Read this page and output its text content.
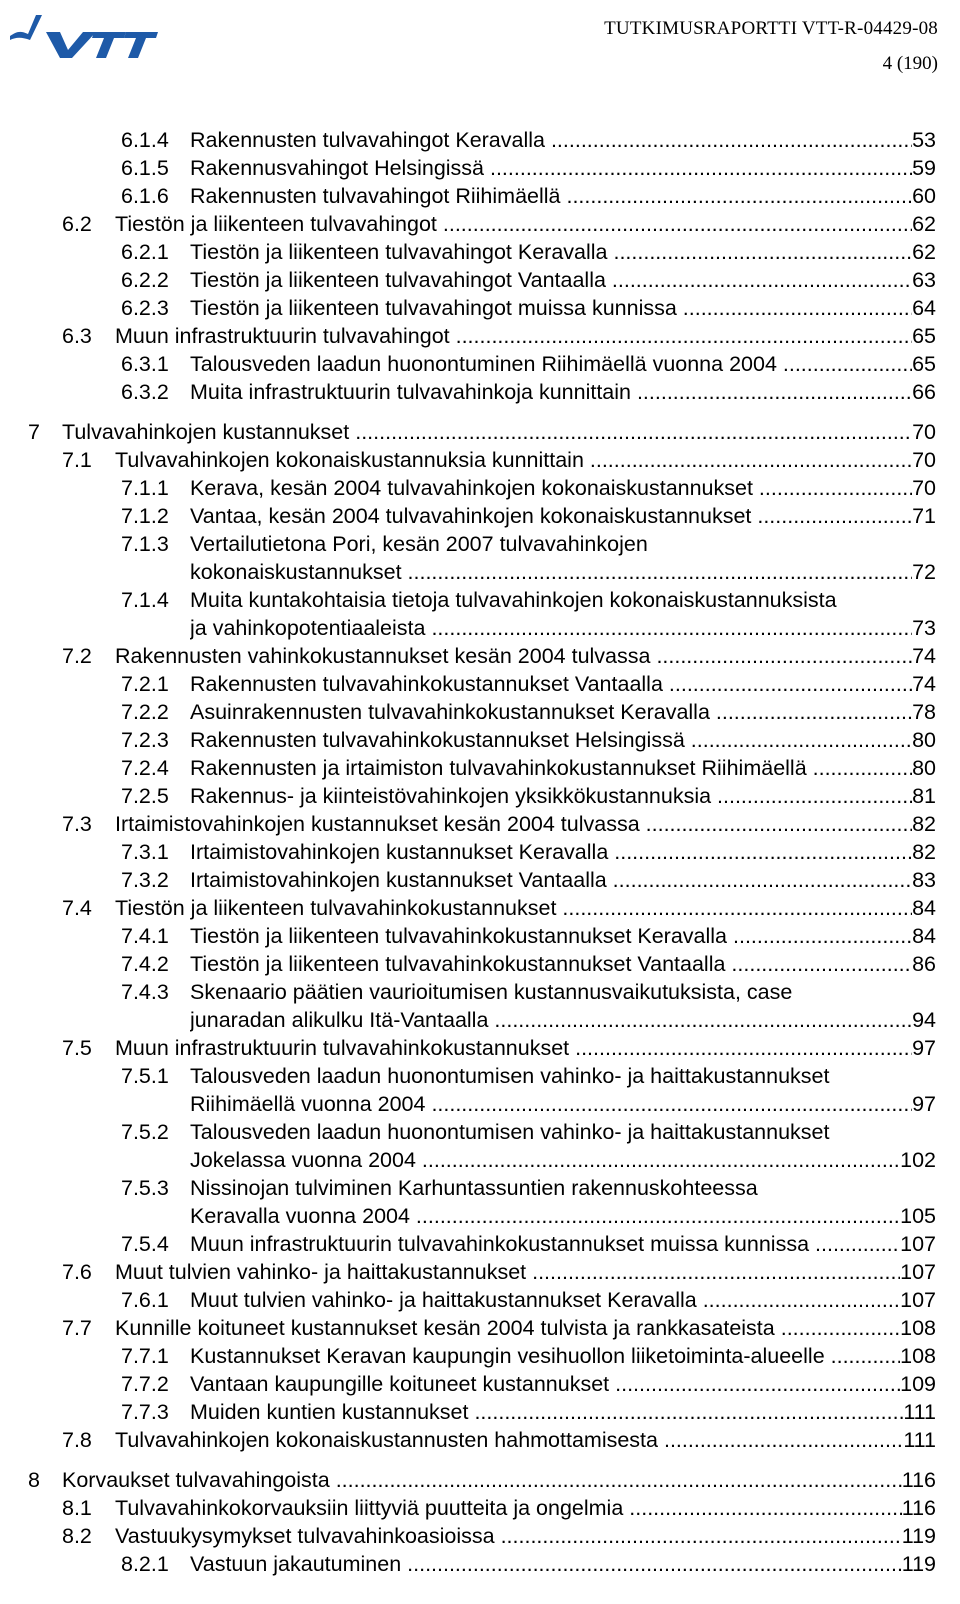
TUTKIMUSRAPORTTI VTT-R-04429-08
4 (190)
6.1.4 Rakennusten tulvavahingot Keravalla .....	53
6.1.5 Rakennusvahingot Helsingissä .....	59
6.1.6 Rakennusten tulvavahingot Riihimäellä .....	60
6.2 Tiestön ja liikenteen tulvavahingot .....	62
6.2.1 Tiestön ja liikenteen tulvavahingot Keravalla .....	62
6.2.2 Tiestön ja liikenteen tulvavahingot Vantaalla .....	63
6.2.3 Tiestön ja liikenteen tulvavahingot muissa kunnissa .....	64
6.3 Muun infrastruktuurin tulvavahingot .....	65
6.3.1 Talousveden laadun huonontuminen Riihimäellä vuonna 2004 .....	65
6.3.2 Muita infrastruktuurin tulvavahinkoja kunnittain .....	66
7 Tulvavahinkojen kustannukset .....	70
7.1 Tulvavahinkojen kokonaiskustannuksia kunnittain .....	70
7.1.1 Kerava, kesän 2004 tulvavahinkojen kokonaiskustannukset .....	70
7.1.2 Vantaa, kesän 2004 tulvavahinkojen kokonaiskustannukset .....	71
7.1.3 Vertailutietona Pori, kesän 2007 tulvavahinkojen
kokonaiskustannukset .....	72
7.1.4 Muita kuntakohtaisia tietoja tulvavahinkojen kokonaiskustannuksista
ja vahinkopotentiaaleista .....	73
7.2 Rakennusten vahinkokustannukset kesän 2004 tulvassa .....	74
7.2.1 Rakennusten tulvavahinkokustannukset Vantaalla .....	74
7.2.2 Asuinrakennusten tulvavahinkokustannukset Keravalla .....	78
7.2.3 Rakennusten tulvavahinkokustannukset Helsingissä .....	80
7.2.4 Rakennusten ja irtaimiston tulvavahinkokustannukset Riihimäellä .....	80
7.2.5 Rakennus- ja kiinteistövahinkojen yksikkökustannuksia .....	81
7.3 Irtaimistovahinkojen kustannukset kesän 2004 tulvassa .....	82
7.3.1 Irtaimistovahinkojen kustannukset Keravalla .....	82
7.3.2 Irtaimistovahinkojen kustannukset Vantaalla .....	83
7.4 Tiestön ja liikenteen tulvavahinkokustannukset .....	84
7.4.1 Tiestön ja liikenteen tulvavahinkokustannukset Keravalla .....	84
7.4.2 Tiestön ja liikenteen tulvavahinkokustannukset Vantaalla .....	86
7.4.3 Skenaario päätien vaurioitumisen kustannusvaikutuksista, case
junaradan alikulku Itä-Vantaalla .....	94
7.5 Muun infrastruktuurin tulvavahinkokustannukset .....	97
7.5.1 Talousveden laadun huonontumisen vahinko- ja haittakustannukset
Riihimäellä vuonna 2004 .....	97
7.5.2 Talousveden laadun huonontumisen vahinko- ja haittakustannukset
Jokelassa vuonna 2004 .....	102
7.5.3 Nissinojan tulviminen Karhuntassuntien rakennuskohteessa
Keravalla vuonna 2004 .....	105
7.5.4 Muun infrastruktuurin tulvavahinkokustannukset muissa kunnissa .....	107
7.6 Muut tulvien vahinko- ja haittakustannukset .....	107
7.6.1 Muut tulvien vahinko- ja haittakustannukset Keravalla .....	107
7.7 Kunnille koituneet kustannukset kesän 2004 tulvista ja rankkasateista .....	108
7.7.1 Kustannukset Keravan kaupungin vesihuollon liiketoiminta-alueelle .....	108
7.7.2 Vantaan kaupungille koituneet kustannukset .....	109
7.7.3 Muiden kuntien kustannukset .....	111
7.8 Tulvavahinkojen kokonaiskustannusten hahmottamisesta .....	111
8 Korvaukset tulvavahingoista .....	116
8.1 Tulvavahinkokorvauksiin liittyviä puutteita ja ongelmia .....	116
8.2 Vastuukysymykset tulvavahinkoasioissa .....	119
8.2.1 Vastuun jakautuminen .....	119
